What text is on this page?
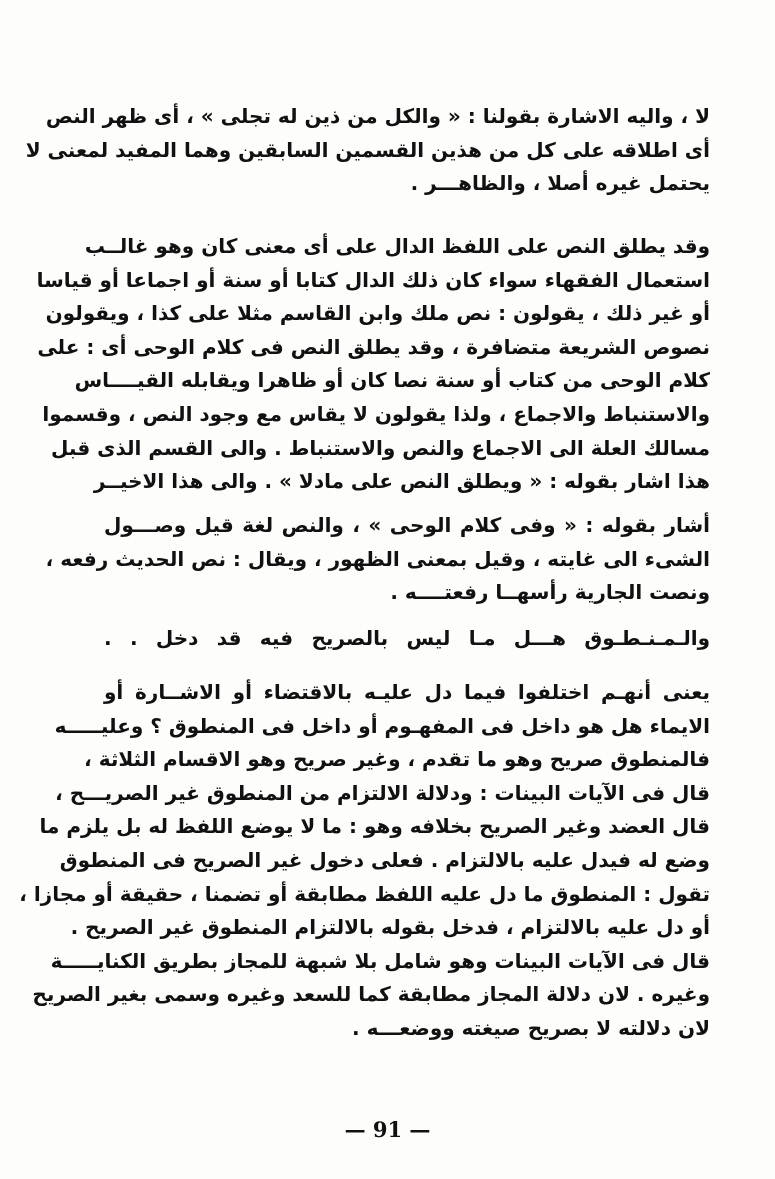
لا ، واليه الاشارة بقولنا : « والكل من ذين له تجلى » ، أى ظهر النص
أى اطلاقه على كل من هذين القسمين السابقين وهما المفيد لمعنى لا
يحتمل غيره أصلا ، والظاهـــر .
وقد يطلق النص على اللفظ الدال على أى معنى كان وهو غالــب
استعمال الفقهاء سواء كان ذلك الدال كتابا أو سنة أو اجماعا أو قياسا
أو غير ذلك ، يقولون : نص ملك وابن القاسم مثلا على كذا ، ويقولون
نصوص الشريعة متضافرة ، وقد يطلق النص فى كلام الوحى أى : على
كلام الوحى من كتاب أو سنة نصا كان أو ظاهرا ويقابله القيــــاس
والاستنباط والاجماع ، ولذا يقولون لا يقاس مع وجود النص ، وقسموا
مسالك العلة الى الاجماع والنص والاستنباط . والى القسم الذى قبل
هذا اشار بقوله : « ويطلق النص على مادلا » . والى هذا الاخيــر
أشار بقوله : « وفى كلام الوحى » ، والنص لغة قيل وصـــول
الشىء الى غايته ، وقيل بمعنى الظهور ، ويقال : نص الحديث رفعه ،
ونصت الجارية رأسهــا رفعتــــه .
والـمـنـطـوق هـــل مـا ليس بالصريح فيه قد دخل . .
يعنى أنهـم اختلفوا فيما دل عليـه بالاقتضاء أو الاشــارة أو
الايماء هل هو داخل فى المفهـوم أو داخل فى المنطوق ؟ وعليـــــه
فالمنطوق صريح وهو ما تقدم ، وغير صريح وهو الاقسام الثلاثة ،
قال فى الآيات البينات : ودلالة الالتزام من المنطوق غير الصريـــح ،
قال العضد وغير الصريح بخلافه وهو : ما لا يوضع اللفظ له بل يلزم ما
وضع له فيدل عليه بالالتزام . فعلى دخول غير الصريح فى المنطوق
تقول : المنطوق ما دل عليه اللفظ مطابقة أو تضمنا ، حقيقة أو مجازا ،
أو دل عليه بالالتزام ، فدخل بقوله بالالتزام المنطوق غير الصريح .
قال فى الآيات البينات وهو شامل بلا شبهة للمجاز بطريق الكنايـــــة
وغيره . لان دلالة المجاز مطابقة كما للسعد وغيره وسمى بغير الصريح
لان دلالته لا بصريح صيغته ووضعـــه .
— 91 —
